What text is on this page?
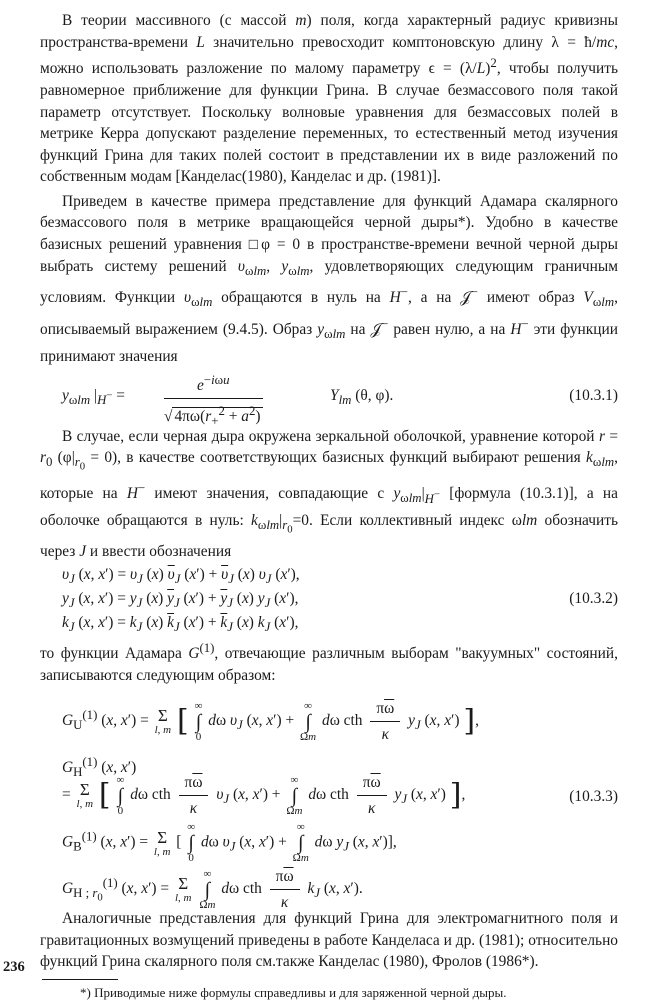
В теории массивного (с массой m) поля, когда характерный радиус кривизны пространства-времени L значительно превосходит комптоновскую длину λ = ħ/mc, можно использовать разложение по малому параметру $\epsilon = (\lambda/L)^2$, чтобы получить равномерное приближение для функции Грина. В случае безмассового поля такой параметр отсутствует. Поскольку волновые уравнения для безмассовых полей в метрике Керра допускают разделение переменных, то естественный метод изучения функций Грина для таких полей состоит в представлении их в виде разложений по собственным модам [Канделас(1980), Канделас и др. (1981)].

Приведем в качестве примера представление для функций Адамара скалярного безмассового поля в метрике вращающейся черной дыры*). Удобно в качестве базисных решений уравнения □φ = 0 в пространстве-времени вечной черной дыры выбрать систему решений $\upsilon_{\omega lm}$, $y_{\omega lm}$, удовлетворяющих следующим граничным условиям. Функции $\upsilon_{\omega lm}$ обращаются в нуль на H−, а на 𝒥− имеют образ $V_{\omega lm}$, описываемый выражением (9.4.5). Образ $y_{\omega lm}$ на 𝒥− равен нулю, а на H− эти функции принимают значения

$y_{\omega lm}$ $|_{H^-}$ =
$e^{-i\omega u}$
√ $4\pi\overline{\omega}(r_+^2 + a^2)$
$Y_{lm}$ (θ, φ).	(10.3.1)

В случае, если черная дыра окружена зеркальной оболочкой, уравнение которой $r = r_0$ $(\varphi|_{r_0} = 0)$, в качестве соответствующих базисных функций выбирают решения $k_{\omega lm}$, которые на H− имеют значения, совпадающие с $y_{\omega lm}|_{H^-}$ [формула (10.3.1)], а на оболочке обращаются в нуль: $k_{\omega lm}|_{r_0}=0$. Если коллективный индекс ωlm обозначить через J и ввести обозначения

$\upsilon_J$ (x, $x') = \upsilon_J$ (x) $\overline{\upsilon}_J$ $(x') + \overline{\upsilon}_J$ (x) $\upsilon_J$ (x′),
$y_J$ (x, $x') = y_J$ (x) $\overline{y}_J$ $(x') + \overline{y}_J$ (x) $y_J$ (x′),
$k_J$ (x, $x') = k_J$ (x) $\overline{k}_J$ $(x') + \overline{k}_J$ (x) $k_J$ (x′),
(10.3.2)

то функции Адамара $G^{(1)}$, отвечающие различным выборам "вакуумных" состояний, записываются следующим образом:

$G_U^{(1)}$ (x, x′) = Σ
l, m [ ∞
∫
0 dω $\upsilon_J$ (x, x′) + ∞
∫
Ωm dω cth $\frac{\pi\overline{\omega}}{\kappa} y_J$ (x, x′) ],
$G_H^{(1)}$ (x, x′)
= Σ
l, m [ ∞
∫
0 dω cth $\frac{\pi\overline{\omega}}{\kappa} \upsilon_J$ (x, x′) + ∞
∫
Ωm dω cth $\frac{\pi\overline{\omega}}{\kappa} y_J$ (x, x′) ],	(10.3.3)
$G_B^{(1)}$ (x, x′) = Σ
l, m [ ∞
∫
0 dω $\upsilon_J$ (x, x′) + ∞
∫
Ωm dω $y_J$ (x, x′)],
$G_{H ; r_0}^{(1)}$ (x, x′) = Σ
l, m ∞
∫
Ωm dω cth $\frac{\pi\overline{\omega}}{\kappa} k_J$ (x, x′).

Аналогичные представления для функций Грина для электромагнитного поля и гравитационных возмущений приведены в работе Канделаса и др. (1981); относительно функций Грина скалярного поля см.также Канделас (1980), Фролов (1986*).

*) Приводимые ниже формулы справедливы и для заряженной черной дыры.
236
